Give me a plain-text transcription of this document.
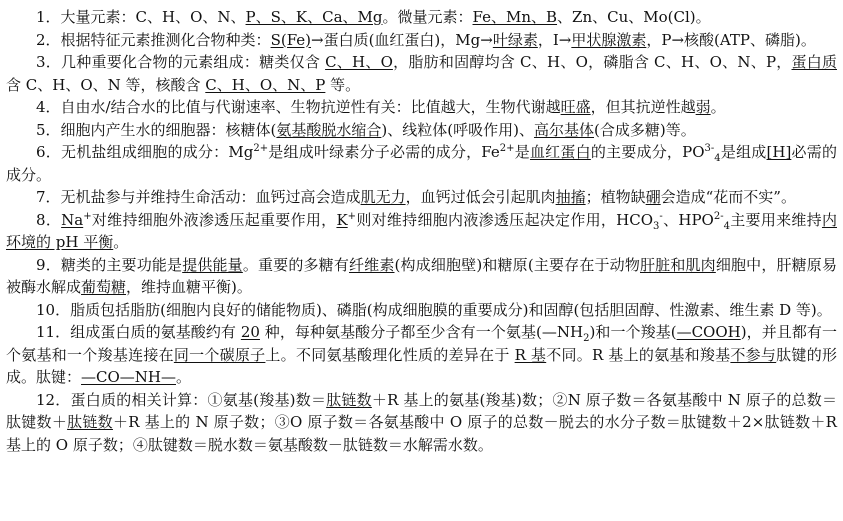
1．大量元素：C、H、O、N、P、S、K、Ca、Mg。微量元素：Fe、Mn、B、Zn、Cu、Mo(Cl)。

2．根据特征元素推测化合物种类：S(Fe)→蛋白质(血红蛋白)，Mg→叶绿素，I→甲状腺激素，P→核酸(ATP、磷脂)。

3．几种重要化合物的元素组成：糖类仅含 C、H、O，脂肪和固醇均含 C、H、O，磷脂含 C、H、O、N、P，蛋白质含 C、H、O、N 等，核酸含 C、H、O、N、P 等。

4．自由水/结合水的比值与代谢速率、生物抗逆性有关：比值越大，生物代谢越旺盛，但其抗逆性越弱。

5．细胞内产生水的细胞器：核糖体(氨基酸脱水缩合)、线粒体(呼吸作用)、高尔基体(合成多糖)等。

6．无机盐组成细胞的成分：$Mg^{2+}$是组成叶绿素分子必需的成分，$Fe^{2+}$是血红蛋白的主要成分，$PO^{3-}_4$是组成[H]必需的成分。

7．无机盐参与并维持生命活动：血钙过高会造成肌无力，血钙过低会引起肌肉抽搐；植物缺硼会造成“花而不实”。

8．Na+对维持细胞外液渗透压起重要作用，K+则对维持细胞内液渗透压起决定作用，$HCO_3^-$、$HPO^{2-}_4$主要用来维持内环境的 pH 平衡。

9．糖类的主要功能是提供能量。重要的多糖有纤维素(构成细胞壁)和糖原(主要存在于动物肝脏和肌肉细胞中，肝糖原易被酶水解成葡萄糖，维持血糖平衡)。

10．脂质包括脂肪(细胞内良好的储能物质)、磷脂(构成细胞膜的重要成分)和固醇(包括胆固醇、性激素、维生素 D 等)。

11．组成蛋白质的氨基酸约有 20 种，每种氨基酸分子都至少含有一个氨基$(—NH_2)$和一个羧基(—COOH)，并且都有一个氨基和一个羧基连接在同一个碳原子上。不同氨基酸理化性质的差异在于 R 基不同。R 基上的氨基和羧基不参与肽键的形成。肽键：—CO—NH—。

12．蛋白质的相关计算：①氨基(羧基)数＝肽链数＋R 基上的氨基(羧基)数；②N 原子数＝各氨基酸中 N 原子的总数＝肽键数＋肽链数＋R 基上的 N 原子数；③O 原子数＝各氨基酸中 O 原子的总数－脱去的水分子数＝肽键数＋2×肽链数＋R 基上的 O 原子数；④肽键数＝脱水数＝氨基酸数－肽链数＝水解需水数。
